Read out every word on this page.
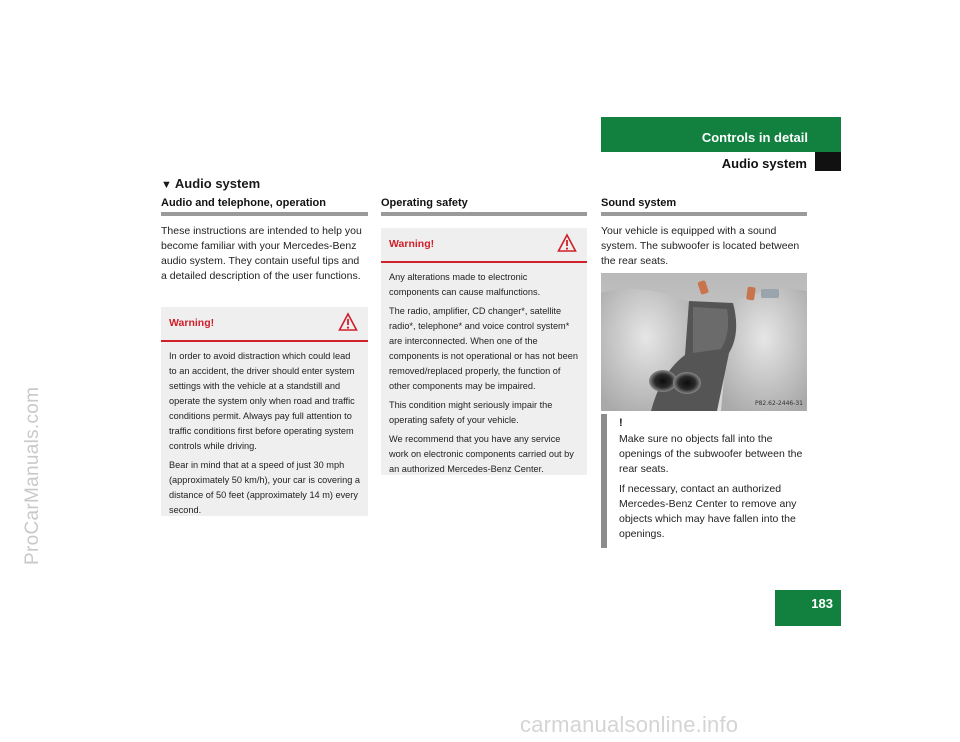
ProCarManuals.com
carmanualsonline.info
Controls in detail
Audio system
▼ Audio system
Audio and telephone, operation
These instructions are intended to help you become familiar with your Mercedes-Benz audio system. They contain useful tips and a detailed description of the user functions.
Warning!

In order to avoid distraction which could lead to an accident, the driver should enter system settings with the vehicle at a standstill and operate the system only when road and traffic conditions permit. Always pay full attention to traffic conditions first before operating system controls while driving.

Bear in mind that at a speed of just 30 mph (approximately 50 km/h), your car is covering a distance of 50 feet (approximately 14 m) every second.

Operating safety
Warning!

Any alterations made to electronic components can cause malfunctions.

The radio, amplifier, CD changer*, satellite radio*, telephone* and voice control system* are interconnected. When one of the components is not operational or has not been removed/replaced properly, the function of other components may be impaired.

This condition might seriously impair the operating safety of your vehicle.

We recommend that you have any service work on electronic components carried out by an authorized Mercedes-Benz Center.

Sound system
Your vehicle is equipped with a sound system. The subwoofer is located between the rear seats.
P82.62-2446-31
!

Make sure no objects fall into the openings of the subwoofer between the rear seats.

If necessary, contact an authorized Mercedes-Benz Center to remove any objects which may have fallen into the openings.

183
